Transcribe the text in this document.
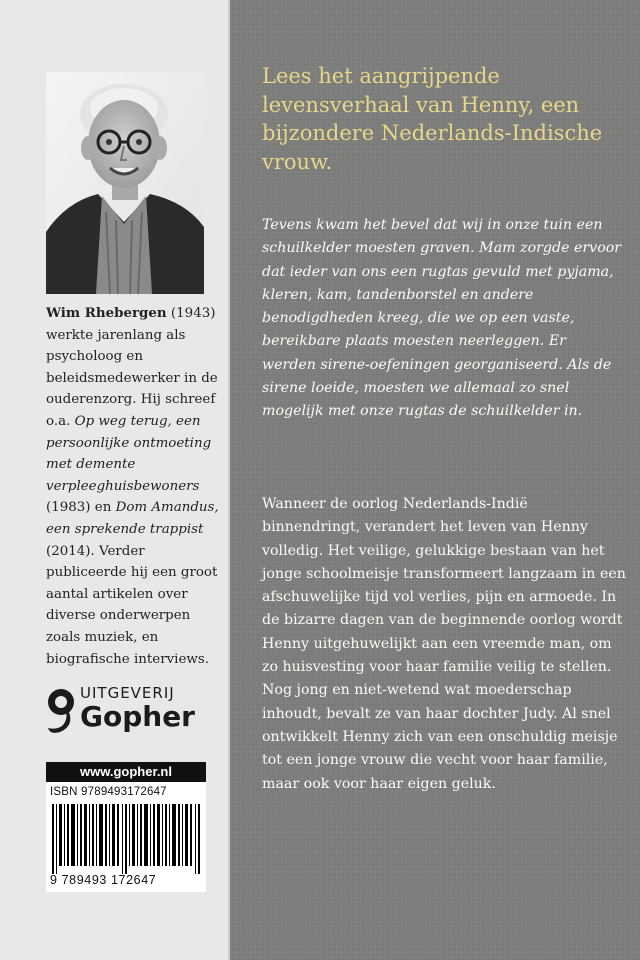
Wim Rhebergen (1943) werkte jarenlang als psycholoog en beleidsmedewerker in de ouderenzorg. Hij schreef o.a. Op weg terug, een persoonlijke ontmoeting met demente verpleeghuisbewoners (1983) en Dom Amandus, een sprekende trappist (2014). Verder publiceerde hij een groot aantal artikelen over diverse onderwerpen zoals muziek, en biografische interviews.

UITGEVERIJ
Gopher
www.gopher.nl
ISBN 9789493172647
9 789493 172647
Lees het aangrijpende levensverhaal van Henny, een bijzondere Nederlands-Indische vrouw.

Tevens kwam het bevel dat wij in onze tuin een schuilkelder moesten graven. Mam zorgde ervoor dat ieder van ons een rugtas gevuld met pyjama, kleren, kam, tandenborstel en andere benodigdheden kreeg, die we op een vaste, bereikbare plaats moesten neerleggen. Er werden sirene-oefeningen georganiseerd. Als de sirene loeide, moesten we allemaal zo snel mogelijk met onze rugtas de schuilkelder in.

Wanneer de oorlog Nederlands-Indië binnendringt, verandert het leven van Henny volledig. Het veilige, gelukkige bestaan van het jonge schoolmeisje transformeert langzaam in een afschuwelijke tijd vol verlies, pijn en armoede. In de bizarre dagen van de beginnende oorlog wordt Henny uitgehuwelijkt aan een vreemde man, om zo huisvesting voor haar familie veilig te stellen. Nog jong en niet-wetend wat moederschap inhoudt, bevalt ze van haar dochter Judy. Al snel ontwikkelt Henny zich van een onschuldig meisje tot een jonge vrouw die vecht voor haar familie, maar ook voor haar eigen geluk.
